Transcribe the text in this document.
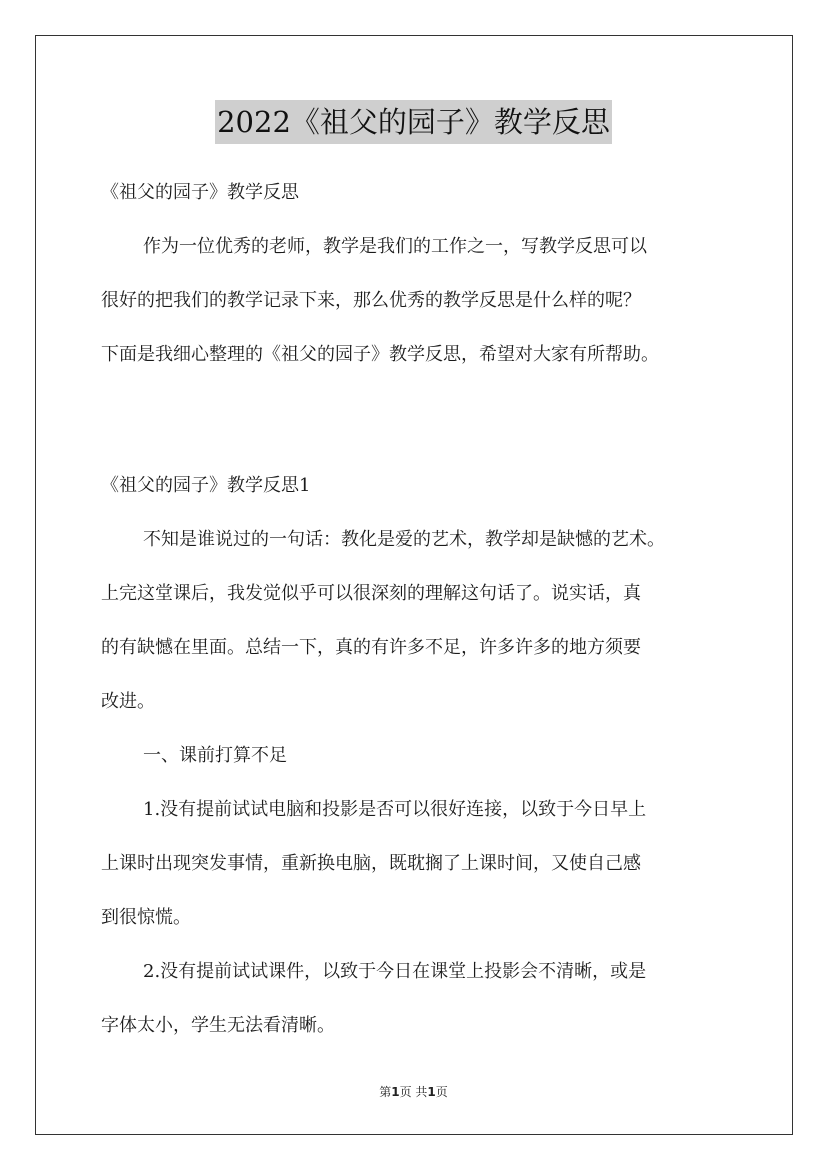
2022《祖父的园子》教学反思
《祖父的园子》教学反思
作为一位优秀的老师，教学是我们的工作之一，写教学反思可以
很好的把我们的教学记录下来，那么优秀的教学反思是什么样的呢？
下面是我细心整理的《祖父的园子》教学反思，希望对大家有所帮助。
《祖父的园子》教学反思1
不知是谁说过的一句话：教化是爱的艺术，教学却是缺憾的艺术。
上完这堂课后，我发觉似乎可以很深刻的理解这句话了。说实话，真
的有缺憾在里面。总结一下，真的有许多不足，许多许多的地方须要
改进。
一、课前打算不足
1.没有提前试试电脑和投影是否可以很好连接，以致于今日早上
上课时出现突发事情，重新换电脑，既耽搁了上课时间，又使自己感
到很惊慌。
2.没有提前试试课件，以致于今日在课堂上投影会不清晰，或是
字体太小，学生无法看清晰。
第1页 共1页
